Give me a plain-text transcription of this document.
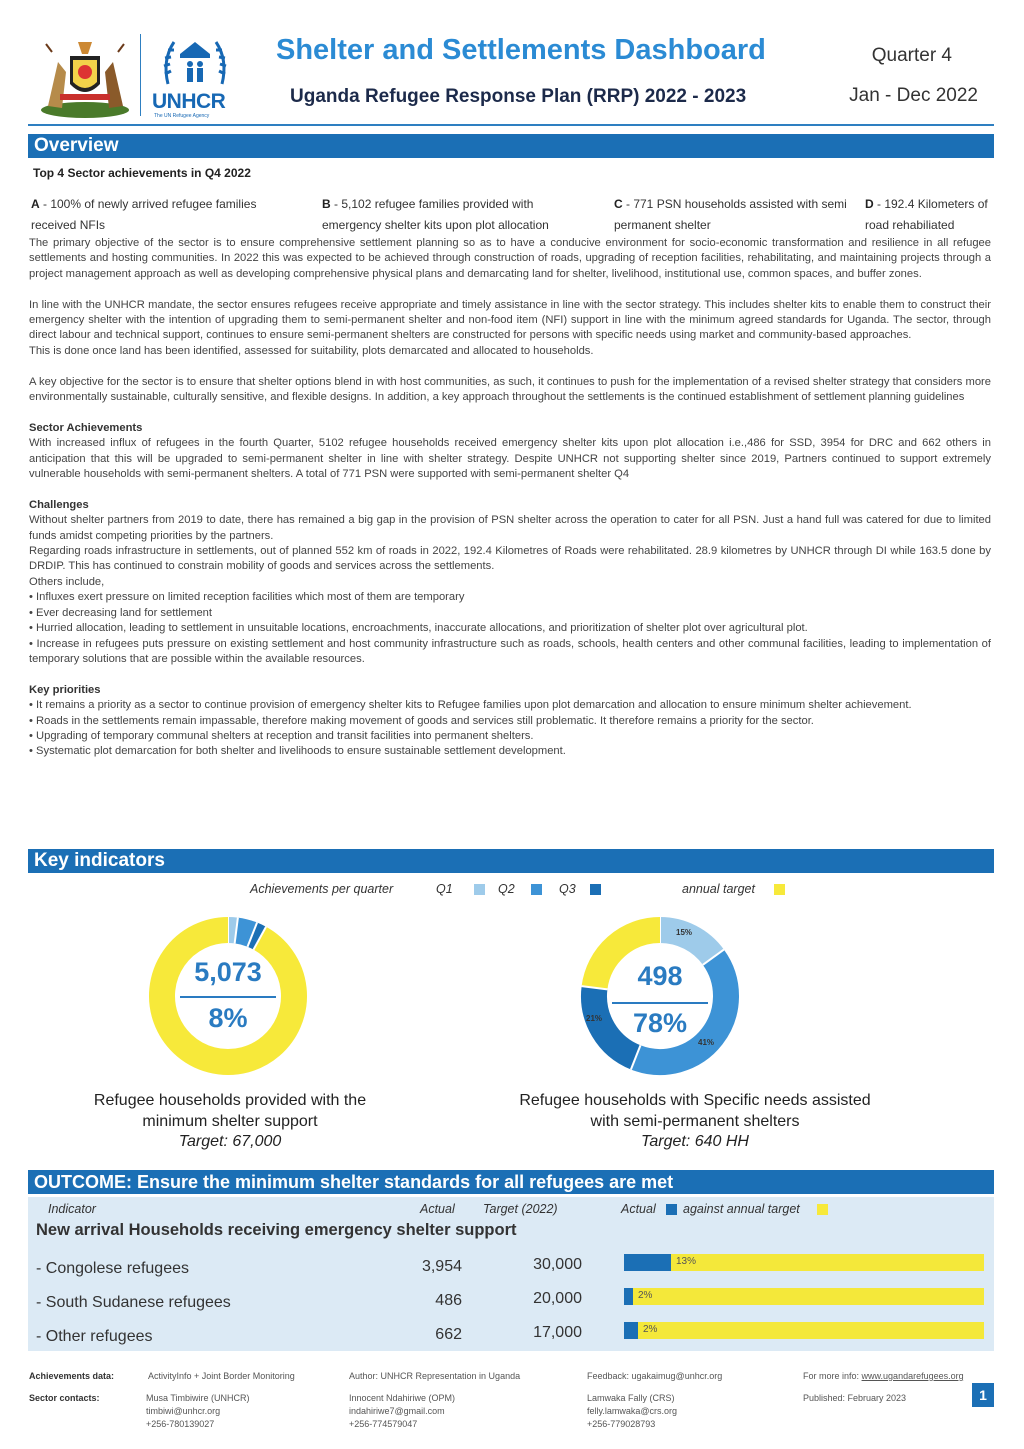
UNHCR
The UN Refugee Agency
Shelter and Settlements Dashboard
Uganda Refugee Response Plan (RRP) 2022 - 2023
Quarter 4
Jan - Dec 2022
Overview
Top 4 Sector achievements in Q4 2022
A - 100% of newly arrived refugee families received NFIs
B - 5,102 refugee families provided with emergency shelter kits upon plot allocation
C - 771 PSN households assisted with semi permanent shelter
D - 192.4 Kilometers of road rehabiliated
The primary objective of the sector is to ensure comprehensive settlement planning so as to have a conducive environment for socio-economic transformation and resilience in all refugee settlements and hosting communities. In 2022 this was expected to be achieved through construction of roads, upgrading of reception facilities, rehabilitating, and maintaining projects through a project management approach as well as developing comprehensive physical plans and demarcating land for shelter, livelihood, institutional use, common spaces, and buffer zones.
In line with the UNHCR mandate, the sector ensures refugees receive appropriate and timely assistance in line with the sector strategy. This includes shelter kits to enable them to construct their emergency shelter with the intention of upgrading them to semi-permanent shelter and non-food item (NFI) support in line with the minimum agreed standards for Uganda. The sector, through direct labour and technical support, continues to ensure semi-permanent shelters are constructed for persons with specific needs using market and community-based approaches.
This is done once land has been identified, assessed for suitability, plots demarcated and allocated to households.
A key objective for the sector is to ensure that shelter options blend in with host communities, as such, it continues to push for the implementation of a revised shelter strategy that considers more environmentally sustainable, culturally sensitive, and flexible designs. In addition, a key approach throughout the settlements is the continued establishment of settlement planning guidelines
Sector Achievements
With increased influx of refugees in the fourth Quarter, 5102 refugee households received emergency shelter kits upon plot allocation i.e.,486 for SSD, 3954 for DRC and 662 others in anticipation that this will be upgraded to semi-permanent shelter in line with shelter strategy. Despite UNHCR not supporting shelter since 2019, Partners continued to support extremely vulnerable households with semi-permanent shelters. A total of 771 PSN were supported with semi-permanent shelter Q4
Challenges
Without shelter partners from 2019 to date, there has remained a big gap in the provision of PSN shelter across the operation to cater for all PSN. Just a hand full was catered for due to limited funds amidst competing priorities by the partners.
Regarding roads infrastructure in settlements, out of planned 552 km of roads in 2022, 192.4 Kilometres of Roads were rehabilitated. 28.9 kilometres by UNHCR through DI while 163.5 done by DRDIP. This has continued to constrain mobility of goods and services across the settlements.
Others include,
• Influxes exert pressure on limited reception facilities which most of them are temporary
• Ever decreasing land for settlement
• Hurried allocation, leading to settlement in unsuitable locations, encroachments, inaccurate allocations, and prioritization of shelter plot over agricultural plot.
• Increase in refugees puts pressure on existing settlement and host community infrastructure such as roads, schools, health centers and other communal facilities, leading to implementation of temporary solutions that are possible within the available resources.
Key priorities
• It remains a priority as a sector to continue provision of emergency shelter kits to Refugee families upon plot demarcation and allocation to ensure minimum shelter achievement.
• Roads in the settlements remain impassable, therefore making movement of goods and services still problematic. It therefore remains a priority for the sector.
• Upgrading of temporary communal shelters at reception and transit facilities into permanent shelters.
• Systematic plot demarcation for both shelter and livelihoods to ensure sustainable settlement development.
Key indicators
Achievements per quarter	Q1	Q2	Q3	annual target
5,073
8%
498
78%
15%
41%
21%
Refugee households provided with the
minimum shelter support
Target: 67,000
Refugee households with Specific needs assisted
with semi-permanent shelters
Target: 640 HH
OUTCOME: Ensure the minimum shelter standards for all refugees are met
Indicator	Actual Target (2022)	Actual against annual target
New arrival Households receiving emergency shelter support
- Congolese refugees	3,954	30,000	13%
- South Sudanese refugees	486	20,000	2%
- Other refugees	662	17,000	2%
Achievements data:	ActivityInfo + Joint Border Monitoring	Author: UNHCR Representation in Uganda	Feedback: ugakaimug@unhcr.org	For more info: www.ugandarefugees.org
Sector contacts:	Musa Timbiwire (UNHCR)
timbiwi@unhcr.org
+256-780139027
Innocent Ndahiriwe (OPM)
indahiriwe7@gmail.com
+256-774579047
Lamwaka Fally (CRS)
felly.lamwaka@crs.org
+256-779028793
Published: February 2023	1
